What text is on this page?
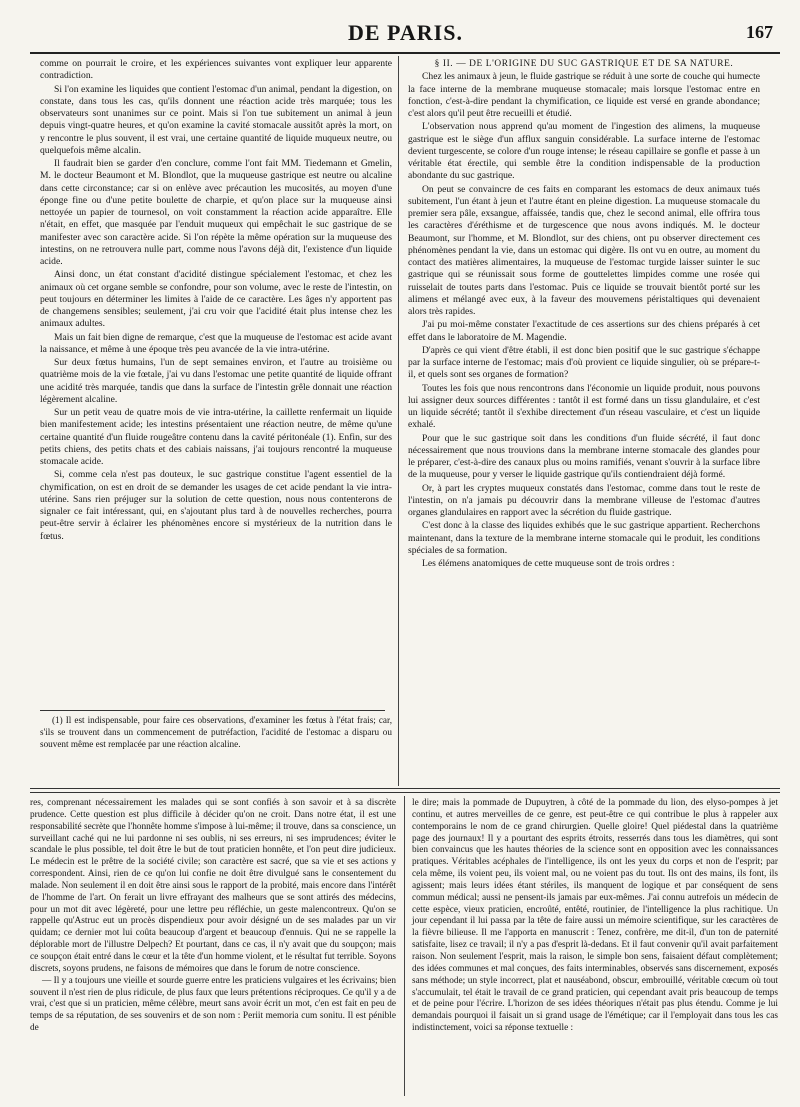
DE PARIS.	167

comme on pourrait le croire, et les expériences suivantes vont expliquer leur apparente contradiction.

Si l'on examine les liquides que contient l'estomac d'un animal, pendant la digestion, on constate, dans tous les cas, qu'ils donnent une réaction acide très marquée; tous les observateurs sont unanimes sur ce point. Mais si l'on tue subitement un animal à jeun depuis vingt-quatre heures, et qu'on examine la cavité stomacale aussitôt après la mort, on y rencontre le plus souvent, il est vrai, une certaine quantité de liquide muqueux neutre, ou quelquefois même alcalin.

Il faudrait bien se garder d'en conclure, comme l'ont fait MM. Tiedemann et Gmelin, M. le docteur Beaumont et M. Blondlot, que la muqueuse gastrique est neutre ou alcaline dans cette circonstance; car si on enlève avec précaution les mucosités, au moyen d'une éponge fine ou d'une petite boulette de charpie, et qu'on place sur la muqueuse ainsi nettoyée un papier de tournesol, on voit constamment la réaction acide apparaître. Elle n'était, en effet, que masquée par l'enduit muqueux qui empêchait le suc gastrique de se manifester avec son caractère acide. Si l'on répète la même opération sur la muqueuse des intestins, on ne retrouvera nulle part, comme nous l'avons déjà dit, l'existence d'un liquide acide.

Ainsi donc, un état constant d'acidité distingue spécialement l'estomac, et chez les animaux où cet organe semble se confondre, pour son volume, avec le reste de l'intestin, on peut toujours en déterminer les limites à l'aide de ce caractère. Les âges n'y apportent pas de changemens sensibles; seulement, j'ai cru voir que l'acidité était plus intense chez les animaux adultes.

Mais un fait bien digne de remarque, c'est que la muqueuse de l'estomac est acide avant la naissance, et même à une époque très peu avancée de la vie intra-utérine.

Sur deux fœtus humains, l'un de sept semaines environ, et l'autre au troisième ou quatrième mois de la vie fœtale, j'ai vu dans l'estomac une petite quantité de liquide offrant une acidité très marquée, tandis que dans la surface de l'intestin grêle donnait une réaction légèrement alcaline.

Sur un petit veau de quatre mois de vie intra-utérine, la caillette renfermait un liquide bien manifestement acide; les intestins présentaient une réaction neutre, de même qu'une certaine quantité d'un fluide rougeâtre contenu dans la cavité péritonéale (1). Enfin, sur des petits chiens, des petits chats et des cabiais naissans, j'ai toujours rencontré la muqueuse stomacale acide.

Si, comme cela n'est pas douteux, le suc gastrique constitue l'agent essentiel de la chymification, on est en droit de se demander les usages de cet acide pendant la vie intra-utérine. Sans rien préjuger sur la solution de cette question, nous nous contenterons de signaler ce fait intéressant, qui, en s'ajoutant plus tard à de nouvelles recherches, pourra peut-être servir à éclairer les phénomènes encore si mystérieux de la nutrition dans le fœtus.

(1) Il est indispensable, pour faire ces observations, d'examiner les fœtus à l'état frais; car, s'ils se trouvent dans un commencement de putréfaction, l'acidité de l'estomac a disparu ou souvent même est remplacée par une réaction alcaline.

§ II. — DE L'ORIGINE DU SUC GASTRIQUE ET DE SA NATURE.

Chez les animaux à jeun, le fluide gastrique se réduit à une sorte de couche qui humecte la face interne de la membrane muqueuse stomacale; mais lorsque l'estomac entre en fonction, c'est-à-dire pendant la chymification, ce liquide est versé en grande abondance; c'est alors qu'il peut être recueilli et étudié.

L'observation nous apprend qu'au moment de l'ingestion des alimens, la muqueuse gastrique est le siège d'un afflux sanguin considérable. La surface interne de l'estomac devient turgescente, se colore d'un rouge intense; le réseau capillaire se gonfle et passe à un véritable état érectile, qui semble être la condition indispensable de la production abondante du suc gastrique.

On peut se convaincre de ces faits en comparant les estomacs de deux animaux tués subitement, l'un étant à jeun et l'autre étant en pleine digestion. La muqueuse stomacale du premier sera pâle, exsangue, affaissée, tandis que, chez le second animal, elle offrira tous les caractères d'éréthisme et de turgescence que nous avons indiqués. M. le docteur Beaumont, sur l'homme, et M. Blondlot, sur des chiens, ont pu observer directement ces phénomènes pendant la vie, dans un estomac qui digère. Ils ont vu en outre, au moment du contact des matières alimentaires, la muqueuse de l'estomac turgide laisser suinter le suc gastrique qui se réunissait sous forme de gouttelettes limpides comme une rosée qui ruisselait de toutes parts dans l'estomac. Puis ce liquide se trouvait bientôt porté sur les alimens et mélangé avec eux, à la faveur des mouvemens péristaltiques qui devenaient alors très rapides.

J'ai pu moi-même constater l'exactitude de ces assertions sur des chiens préparés à cet effet dans le laboratoire de M. Magendie.

D'après ce qui vient d'être établi, il est donc bien positif que le suc gastrique s'échappe par la surface interne de l'estomac; mais d'où provient ce liquide singulier, où se prépare-t-il, et quels sont ses organes de formation?

Toutes les fois que nous rencontrons dans l'économie un liquide produit, nous pouvons lui assigner deux sources différentes : tantôt il est formé dans un tissu glandulaire, et c'est un liquide sécrété; tantôt il s'exhibe directement d'un réseau vasculaire, et c'est un liquide exhalé.

Pour que le suc gastrique soit dans les conditions d'un fluide sécrété, il faut donc nécessairement que nous trouvions dans la membrane interne stomacale des glandes pour le préparer, c'est-à-dire des canaux plus ou moins ramifiés, venant s'ouvrir à la surface libre de la muqueuse, pour y verser le liquide gastrique qu'ils contiendraient déjà formé.

Or, à part les cryptes muqueux constatés dans l'estomac, comme dans tout le reste de l'intestin, on n'a jamais pu découvrir dans la membrane villeuse de l'estomac d'autres organes glandulaires en rapport avec la sécrétion du fluide gastrique.

C'est donc à la classe des liquides exhibés que le suc gastrique appartient. Recherchons maintenant, dans la texture de la membrane interne stomacale qui le produit, les conditions spéciales de sa formation.

Les élémens anatomiques de cette muqueuse sont de trois ordres :

res, comprenant nécessairement les malades qui se sont confiés à son savoir et à sa discrète prudence. Cette question est plus difficile à décider qu'on ne croit. Dans notre état, il est une responsabilité secrète que l'honnête homme s'impose à lui-même; il trouve, dans sa conscience, un surveillant caché qui ne lui pardonne ni ses oublis, ni ses erreurs, ni ses imprudences; éviter le scandale le plus possible, tel doit être le but de tout praticien honnête, et l'on peut dire judicieux. Le médecin est le prêtre de la société civile; son caractère est sacré, que sa vie et ses actions y correspondent. Ainsi, rien de ce qu'on lui confie ne doit être divulgué sans le consentement du malade. Non seulement il en doit être ainsi sous le rapport de la probité, mais encore dans l'intérêt de l'homme de l'art. On ferait un livre effrayant des malheurs que se sont attirés des médecins, pour un mot dit avec légèreté, pour une lettre peu réfléchie, un geste malencontreux. Qu'on se rappelle qu'Astruc eut un procès dispendieux pour avoir désigné un de ses malades par un vir quidam; ce dernier mot lui coûta beaucoup d'argent et beaucoup d'ennuis. Qui ne se rappelle la déplorable mort de l'illustre Delpech? Et pourtant, dans ce cas, il n'y avait que du soupçon; mais ce soupçon était entré dans le cœur et la tête d'un homme violent, et le résultat fut terrible. Soyons discrets, soyons prudens, ne faisons de mémoires que dans le forum de notre conscience.

— Il y a toujours une vieille et sourde guerre entre les praticiens vulgaires et les écrivains; bien souvent il n'est rien de plus ridicule, de plus faux que leurs prétentions réciproques. Ce qu'il y a de vrai, c'est que si un praticien, même célèbre, meurt sans avoir écrit un mot, c'en est fait en peu de temps de sa réputation, de ses souvenirs et de son nom : Periit memoria cum sonitu. Il est pénible de

le dire; mais la pommade de Dupuytren, à côté de la pommade du lion, des elyso-pompes à jet continu, et autres merveilles de ce genre, est peut-être ce qui contribue le plus à rappeler aux contemporains le nom de ce grand chirurgien. Quelle gloire! Quel piédestal dans la quatrième page des journaux! Il y a pourtant des esprits étroits, resserrés dans tous les diamètres, qui sont bien convaincus que les hautes théories de la science sont en opposition avec les connaissances pratiques. Véritables acéphales de l'intelligence, ils ont les yeux du corps et non de l'esprit; par cela même, ils voient peu, ils voient mal, ou ne voient pas du tout. Ils ont des mains, ils font, ils agissent; mais leurs idées étant stériles, ils manquent de logique et par conséquent de sens commun médical; aussi ne pensent-ils jamais par eux-mêmes. J'ai connu autrefois un médecin de cette espèce, vieux praticien, encroûté, entêté, routinier, de l'intelligence la plus rachitique. Un jour cependant il lui passa par la tête de faire aussi un mémoire scientifique, sur les caractères de la fièvre bilieuse. Il me l'apporta en manuscrit : Tenez, confrère, me dit-il, d'un ton de paternité satisfaite, lisez ce travail; il n'y a pas d'esprit là-dedans. Et il faut convenir qu'il avait parfaitement raison. Non seulement l'esprit, mais la raison, le simple bon sens, faisaient défaut complètement; des idées communes et mal conçues, des faits interminables, observés sans discernement, exposés sans méthode; un style incorrect, plat et nauséabond, obscur, embrouillé, véritable cœcum où tout s'accumulait, tel était le travail de ce grand praticien, qui cependant avait pris beaucoup de temps et de peine pour l'écrire. L'horizon de ses idées théoriques n'était pas plus étendu. Comme je lui demandais pourquoi il faisait un si grand usage de l'émétique; car il l'employait dans tous les cas indistinctement, voici sa réponse textuelle :
